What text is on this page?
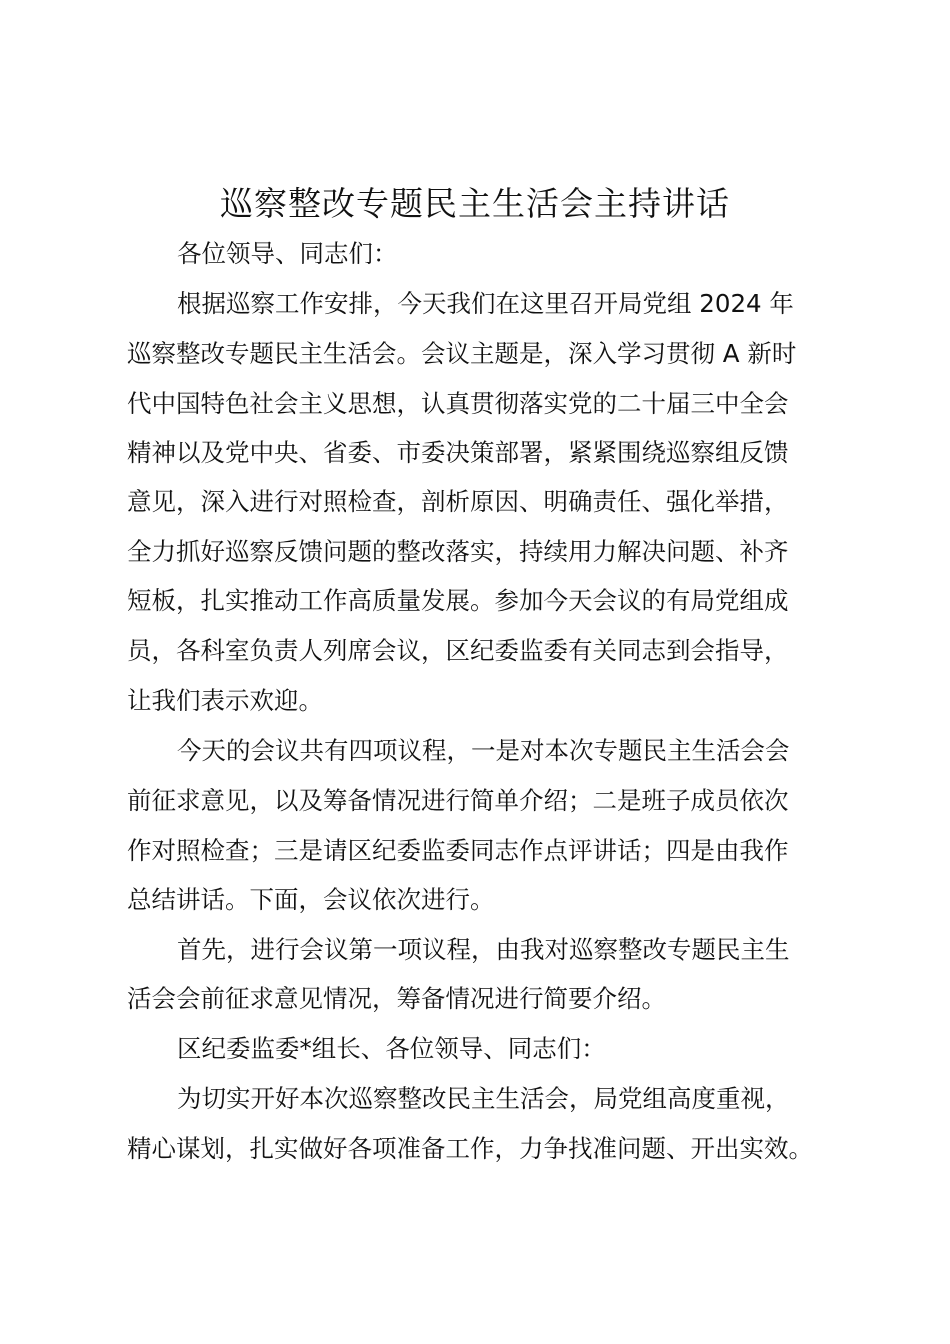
巡察整改专题民主生活会主持讲话
各位领导、同志们：
根据巡察工作安排，今天我们在这里召开局党组 2024 年
巡察整改专题民主生活会。会议主题是，深入学习贯彻 A 新时
代中国特色社会主义思想，认真贯彻落实党的二十届三中全会
精神以及党中央、省委、市委决策部署，紧紧围绕巡察组反馈
意见，深入进行对照检查，剖析原因、明确责任、强化举措，
全力抓好巡察反馈问题的整改落实，持续用力解决问题、补齐
短板，扎实推动工作高质量发展。参加今天会议的有局党组成
员，各科室负责人列席会议，区纪委监委有关同志到会指导，
让我们表示欢迎。
今天的会议共有四项议程，一是对本次专题民主生活会会
前征求意见，以及筹备情况进行简单介绍；二是班子成员依次
作对照检查；三是请区纪委监委同志作点评讲话；四是由我作
总结讲话。下面，会议依次进行。
首先，进行会议第一项议程，由我对巡察整改专题民主生
活会会前征求意见情况，筹备情况进行简要介绍。
区纪委监委*组长、各位领导、同志们：
为切实开好本次巡察整改民主生活会，局党组高度重视，
精心谋划，扎实做好各项准备工作，力争找准问题、开出实效。
